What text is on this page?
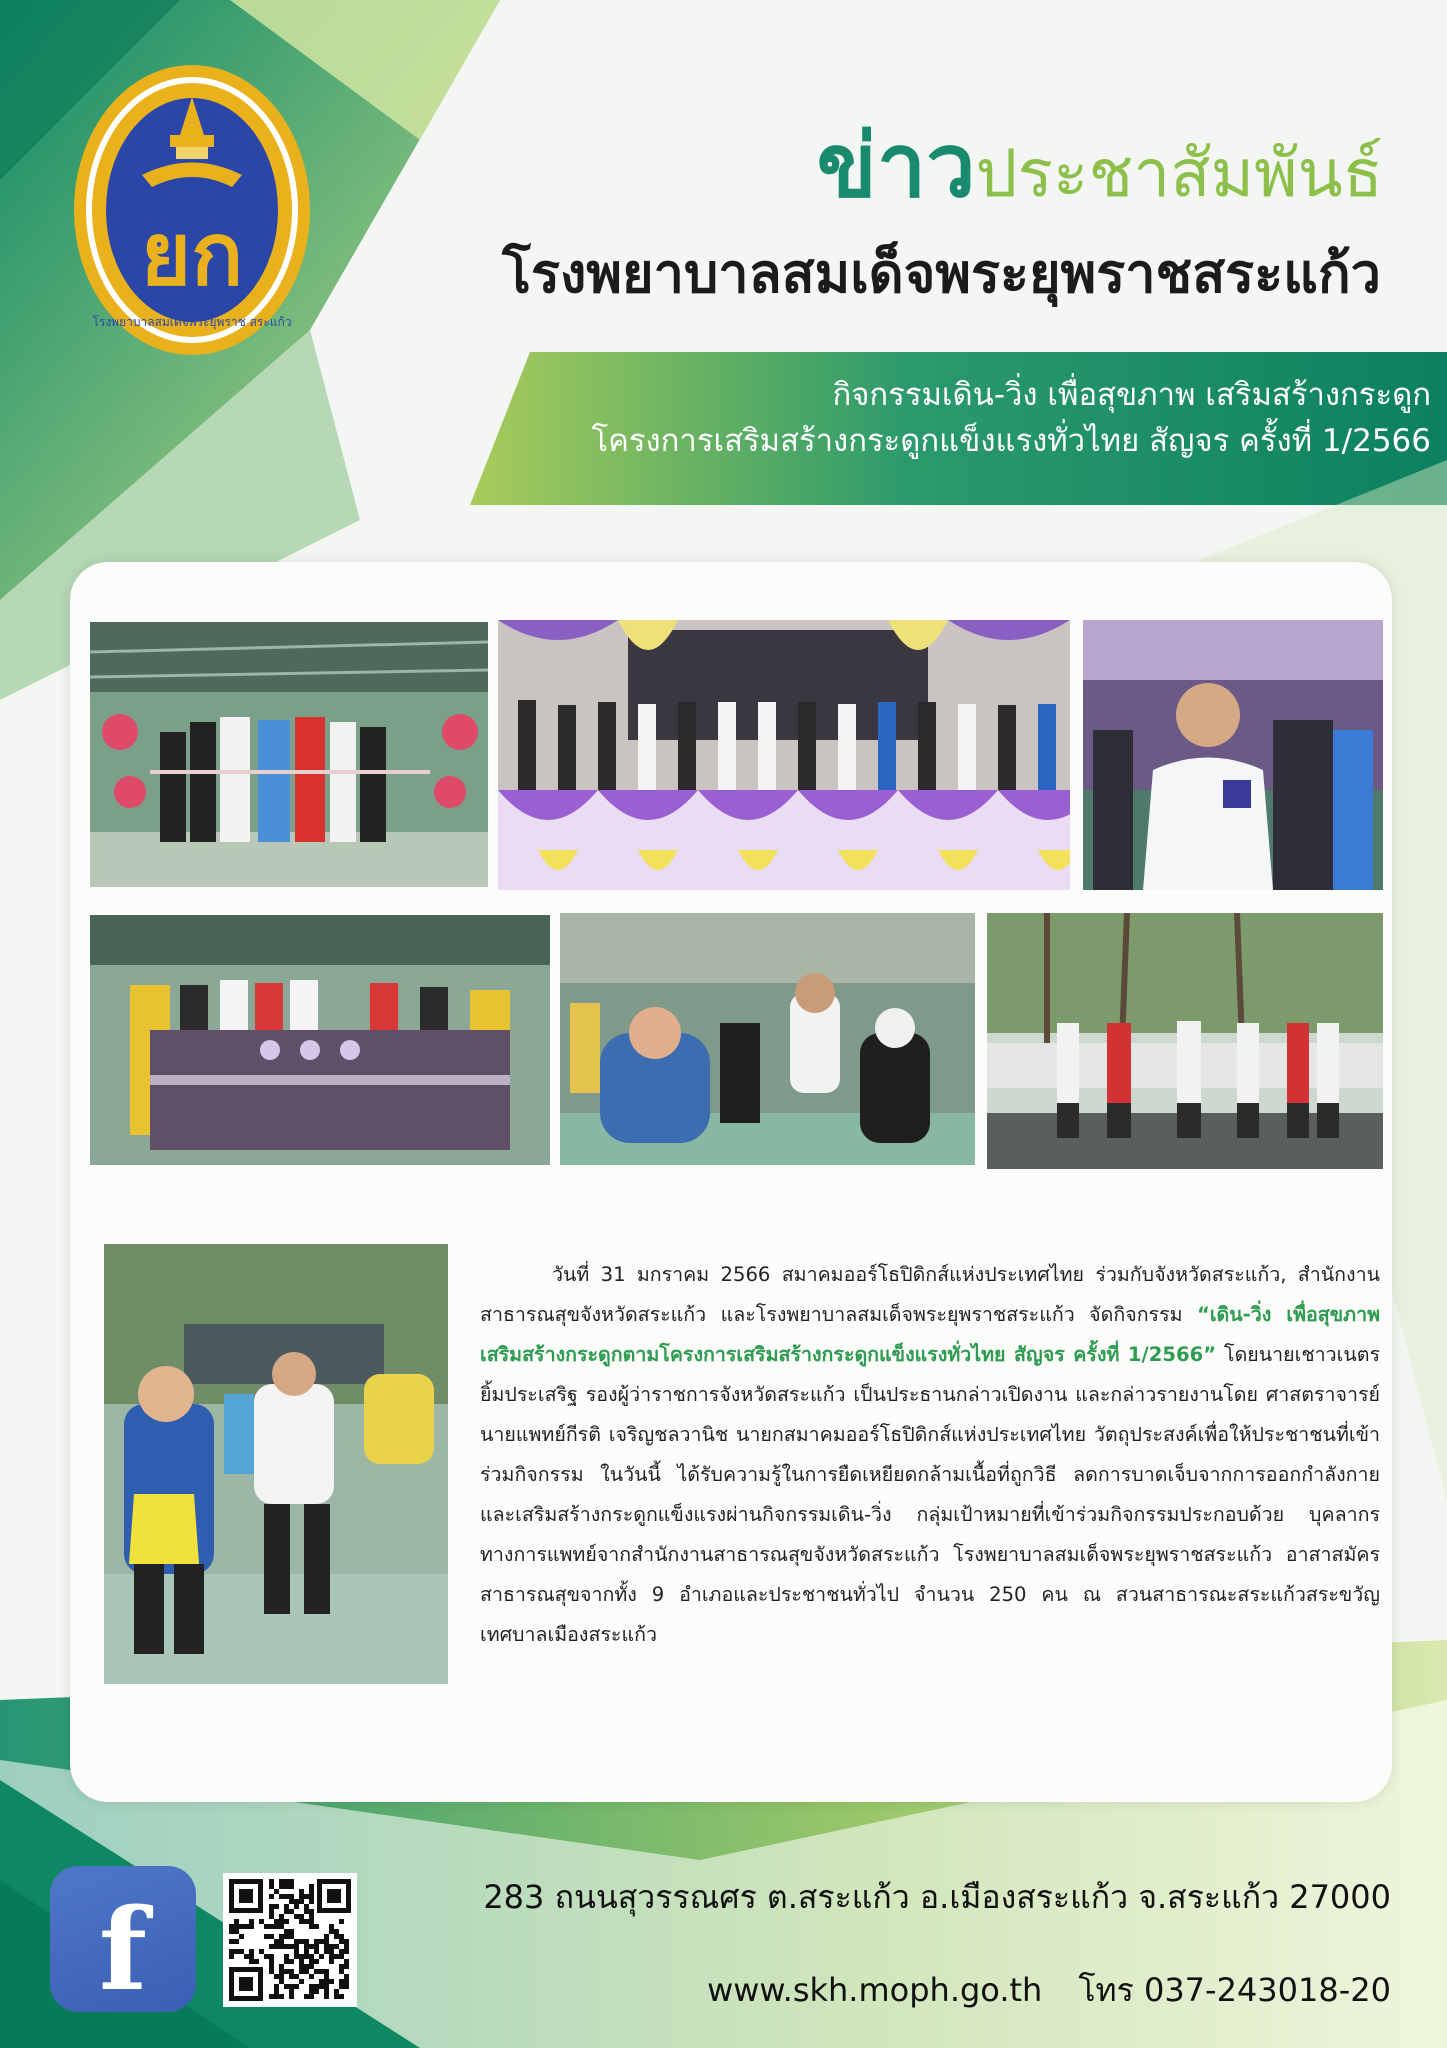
ยก
โรงพยาบาลสมเด็จพระยุพราช สระแก้ว
ข่าวประชาสัมพันธ์
โรงพยาบาลสมเด็จพระยุพราชสระแก้ว
กิจกรรมเดิน-วิ่ง เพื่อสุขภาพ เสริมสร้างกระดูก
โครงการเสริมสร้างกระดูกแข็งแรงทั่วไทย สัญจร ครั้งที่ 1/2566
วันที่ 31 มกราคม 2566 สมาคมออร์โธปิดิกส์แห่งประเทศไทย ร่วมกับจังหวัดสระแก้ว, สำนักงานสาธารณสุขจังหวัดสระแก้ว และโรงพยาบาลสมเด็จพระยุพราชสระแก้ว จัดกิจกรรม “เดิน-วิ่ง เพื่อสุขภาพเสริมสร้างกระดูกตามโครงการเสริมสร้างกระดูกแข็งแรงทั่วไทย สัญจร ครั้งที่ 1/2566” โดยนายเชาวเนตร ยิ้มประเสริฐ รองผู้ว่าราชการจังหวัดสระแก้ว เป็นประธานกล่าวเปิดงาน และกล่าวรายงานโดย ศาสตราจารย์ นายแพทย์กีรติ เจริญชลวานิช นายกสมาคมออร์โธปิดิกส์แห่งประเทศไทย วัตถุประสงค์เพื่อให้ประชาชนที่เข้าร่วมกิจกรรม ในวันนี้ ได้รับความรู้ในการยืดเหยียดกล้ามเนื้อที่ถูกวิธี ลดการบาดเจ็บจากการออกกำลังกาย และเสริมสร้างกระดูกแข็งแรงผ่านกิจกรรมเดิน-วิ่ง กลุ่มเป้าหมายที่เข้าร่วมกิจกรรมประกอบด้วย บุคลากรทางการแพทย์จากสำนักงานสาธารณสุขจังหวัดสระแก้ว โรงพยาบาลสมเด็จพระยุพราชสระแก้ว อาสาสมัครสาธารณสุขจากทั้ง 9 อำเภอและประชาชนทั่วไป จำนวน 250 คน ณ สวนสาธารณะสระแก้วสระขวัญ เทศบาลเมืองสระแก้ว
f	283 ถนนสุวรรณศร ต.สระแก้ว อ.เมืองสระแก้ว จ.สระแก้ว 27000
www.skh.moph.go.th โทร 037-243018-20
